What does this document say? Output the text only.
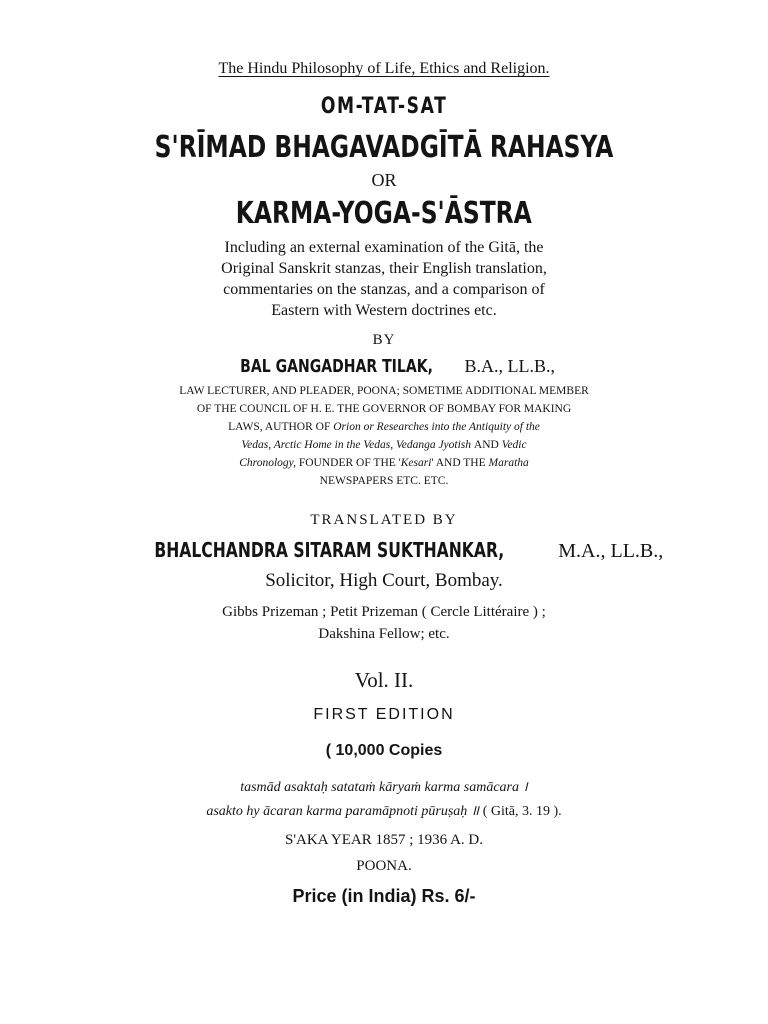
The Hindu Philosophy of Life, Ethics and Religion.
OM-TAT-SAT
S'RĪMAD BHAGAVADGĪTĀ RAHASYA
OR
KARMA-YOGA-S'ĀSTRA
Including an external examination of the Gitā, the
Original Sanskrit stanzas, their English translation,
commentaries on the stanzas, and a comparison of
Eastern with Western doctrines etc.
BY
BAL GANGADHAR TILAK, B.A., LL.B.,
LAW LECTURER, AND PLEADER, POONA; SOMETIME ADDITIONAL MEMBER
OF THE COUNCIL OF H. E. THE GOVERNOR OF BOMBAY FOR MAKING
LAWS, AUTHOR OF Orion or Researches into the Antiquity of the
Vedas, Arctic Home in the Vedas, Vedanga Jyotish AND Vedic
Chronology, FOUNDER OF THE 'Kesari' AND THE Maratha
NEWSPAPERS ETC. ETC.
TRANSLATED BY
BHALCHANDRA SITARAM SUKTHANKAR,	M.A., LL.B.,
Solicitor, High Court, Bombay.
Gibbs Prizeman ; Petit Prizeman ( Cercle Littéraire ) ;
Dakshina Fellow; etc.
Vol. II.
FIRST EDITION
( 10,000 Copies
tasmād asaktaḥ satataṁ kāryaṁ karma samācara ।
asakto hy ācaran karma paramāpnoti pūruṣaḥ ॥ ( Gitā, 3. 19 ).
S'AKA YEAR 1857 ; 1936 A. D.
POONA.
Price (in India) Rs. 6/-
